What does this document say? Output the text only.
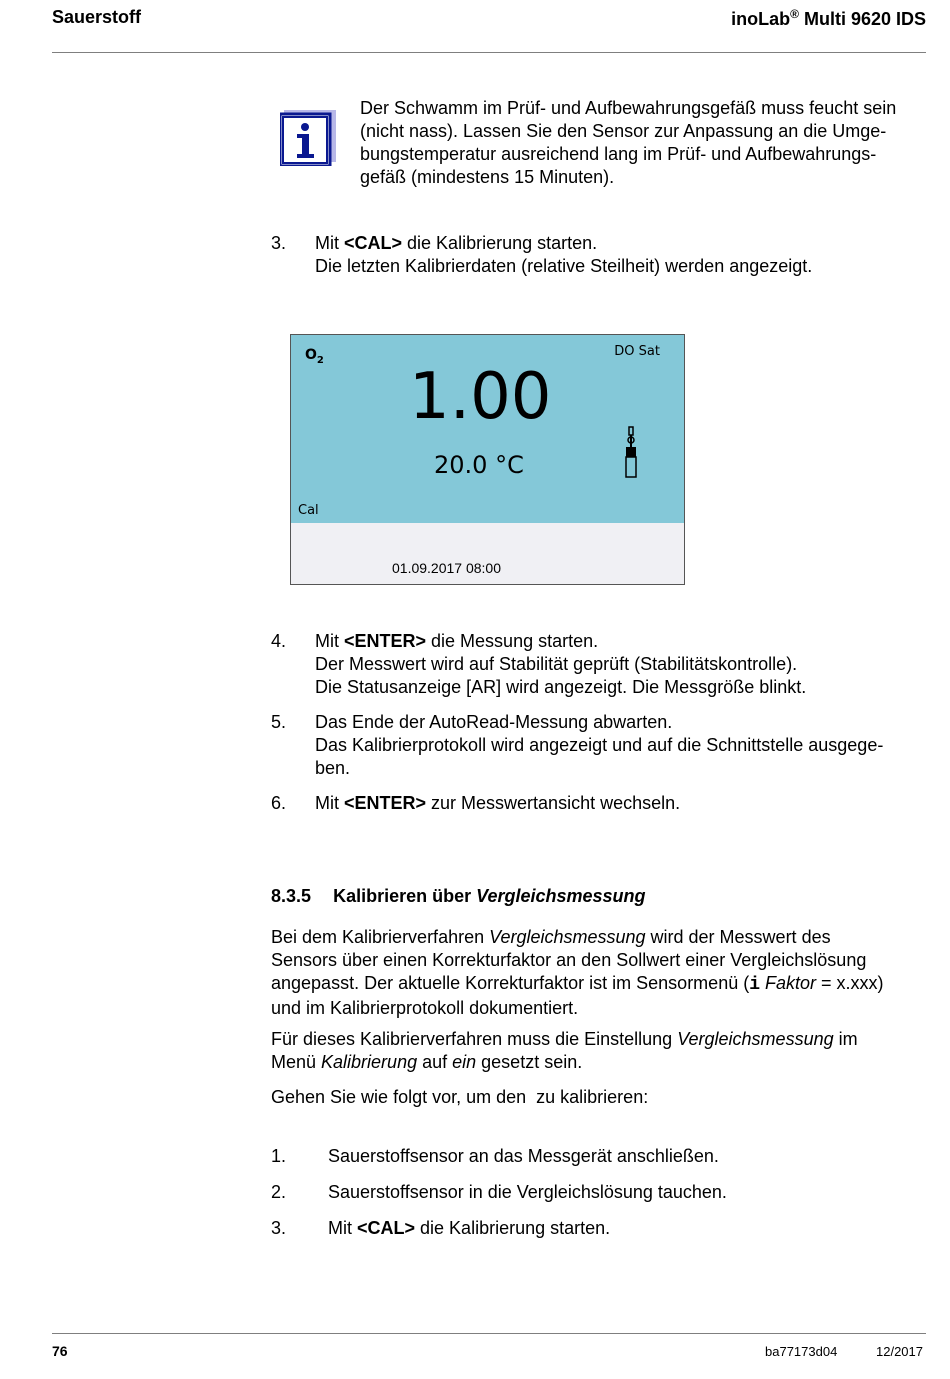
Sauerstoff	inoLab® Multi 9620 IDS
Der Schwamm im Prüf- und Aufbewahrungsgefäß muss feucht sein
(nicht nass). Lassen Sie den Sensor zur Anpassung an die Umge-
bungstemperatur ausreichend lang im Prüf- und Aufbewahrungs-
gefäß (mindestens 15 Minuten).
3. Mit <CAL> die Kalibrierung starten.
Die letzten Kalibrierdaten (relative Steilheit) werden angezeigt.
$O_2$
DO Sat
1.00
20.0 °C
Cal
01.09.2017 08:00
4. Mit <ENTER> die Messung starten.
Der Messwert wird auf Stabilität geprüft (Stabilitätskontrolle).
Die Statusanzeige [AR] wird angezeigt. Die Messgröße blinkt.
5. Das Ende der AutoRead-Messung abwarten.
Das Kalibrierprotokoll wird angezeigt und auf die Schnittstelle ausgege-
ben.
6. Mit <ENTER> zur Messwertansicht wechseln.
8.3.5 Kalibrieren über Vergleichsmessung
Bei dem Kalibrierverfahren Vergleichsmessung wird der Messwert des
Sensors über einen Korrekturfaktor an den Sollwert einer Vergleichslösung
angepasst. Der aktuelle Korrekturfaktor ist im Sensormenü (i Faktor = x.xxx)
und im Kalibrierprotokoll dokumentiert.
Für dieses Kalibrierverfahren muss die Einstellung Vergleichsmessung im
Menü Kalibrierung auf ein gesetzt sein.
Gehen Sie wie folgt vor, um den  zu kalibrieren:
1. Sauerstoffsensor an das Messgerät anschließen.
2. Sauerstoffsensor in die Vergleichslösung tauchen.
3. Mit <CAL> die Kalibrierung starten.
76	ba77173d04	12/2017
